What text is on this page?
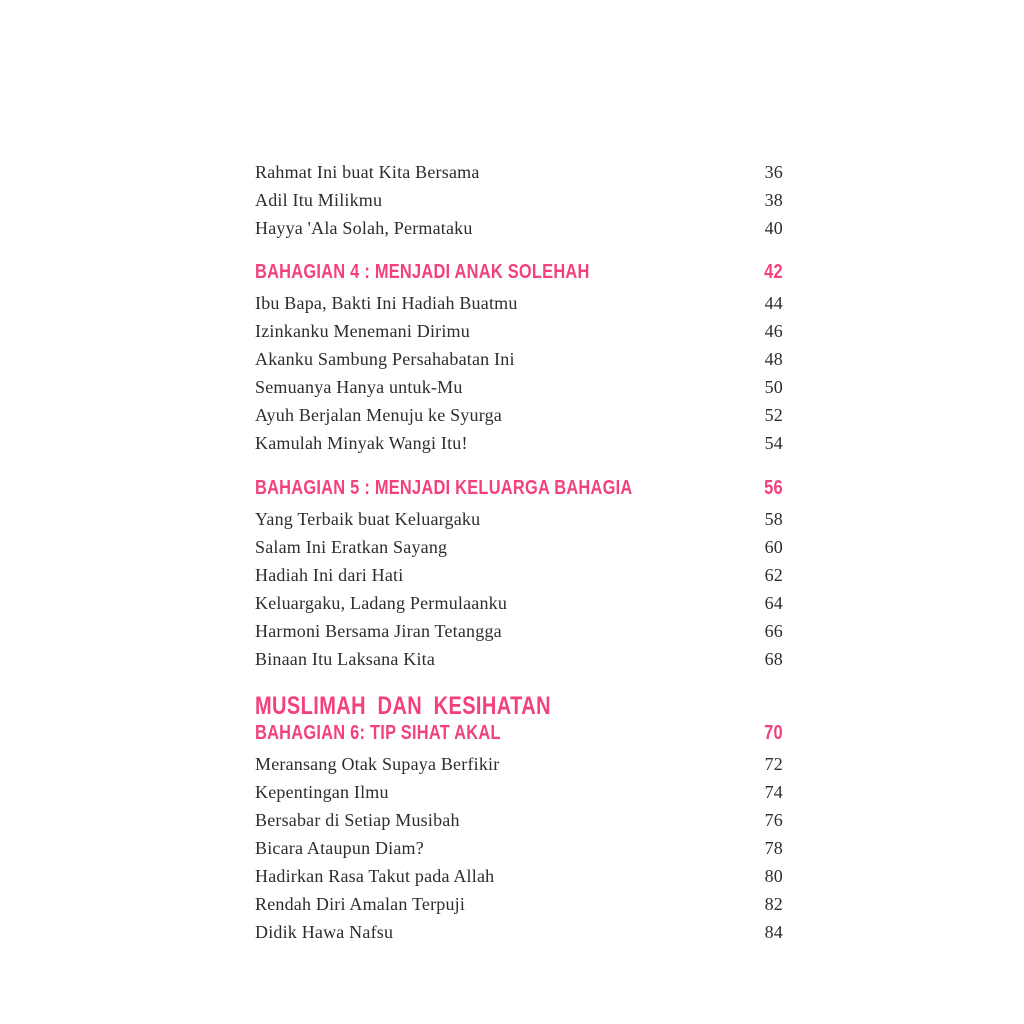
Rahmat Ini buat Kita Bersama	36
Adil Itu Milikmu	38
Hayya 'Ala Solah, Permataku	40
BAHAGIAN 4 : MENJADI ANAK SOLEHAH	42
Ibu Bapa, Bakti Ini Hadiah Buatmu	44
Izinkanku Menemani Dirimu	46
Akanku Sambung Persahabatan Ini	48
Semuanya Hanya untuk-Mu	50
Ayuh Berjalan Menuju ke Syurga	52
Kamulah Minyak Wangi Itu!	54
BAHAGIAN 5 : MENJADI KELUARGA BAHAGIA	56
Yang Terbaik buat Keluargaku	58
Salam Ini Eratkan Sayang	60
Hadiah Ini dari Hati	62
Keluargaku, Ladang Permulaanku	64
Harmoni Bersama Jiran Tetangga	66
Binaan Itu Laksana Kita	68
MUSLIMAH DAN KESIHATAN
BAHAGIAN 6: TIP SIHAT AKAL	70
Meransang Otak Supaya Berfikir	72
Kepentingan Ilmu	74
Bersabar di Setiap Musibah	76
Bicara Ataupun Diam?	78
Hadirkan Rasa Takut pada Allah	80
Rendah Diri Amalan Terpuji	82
Didik Hawa Nafsu	84
